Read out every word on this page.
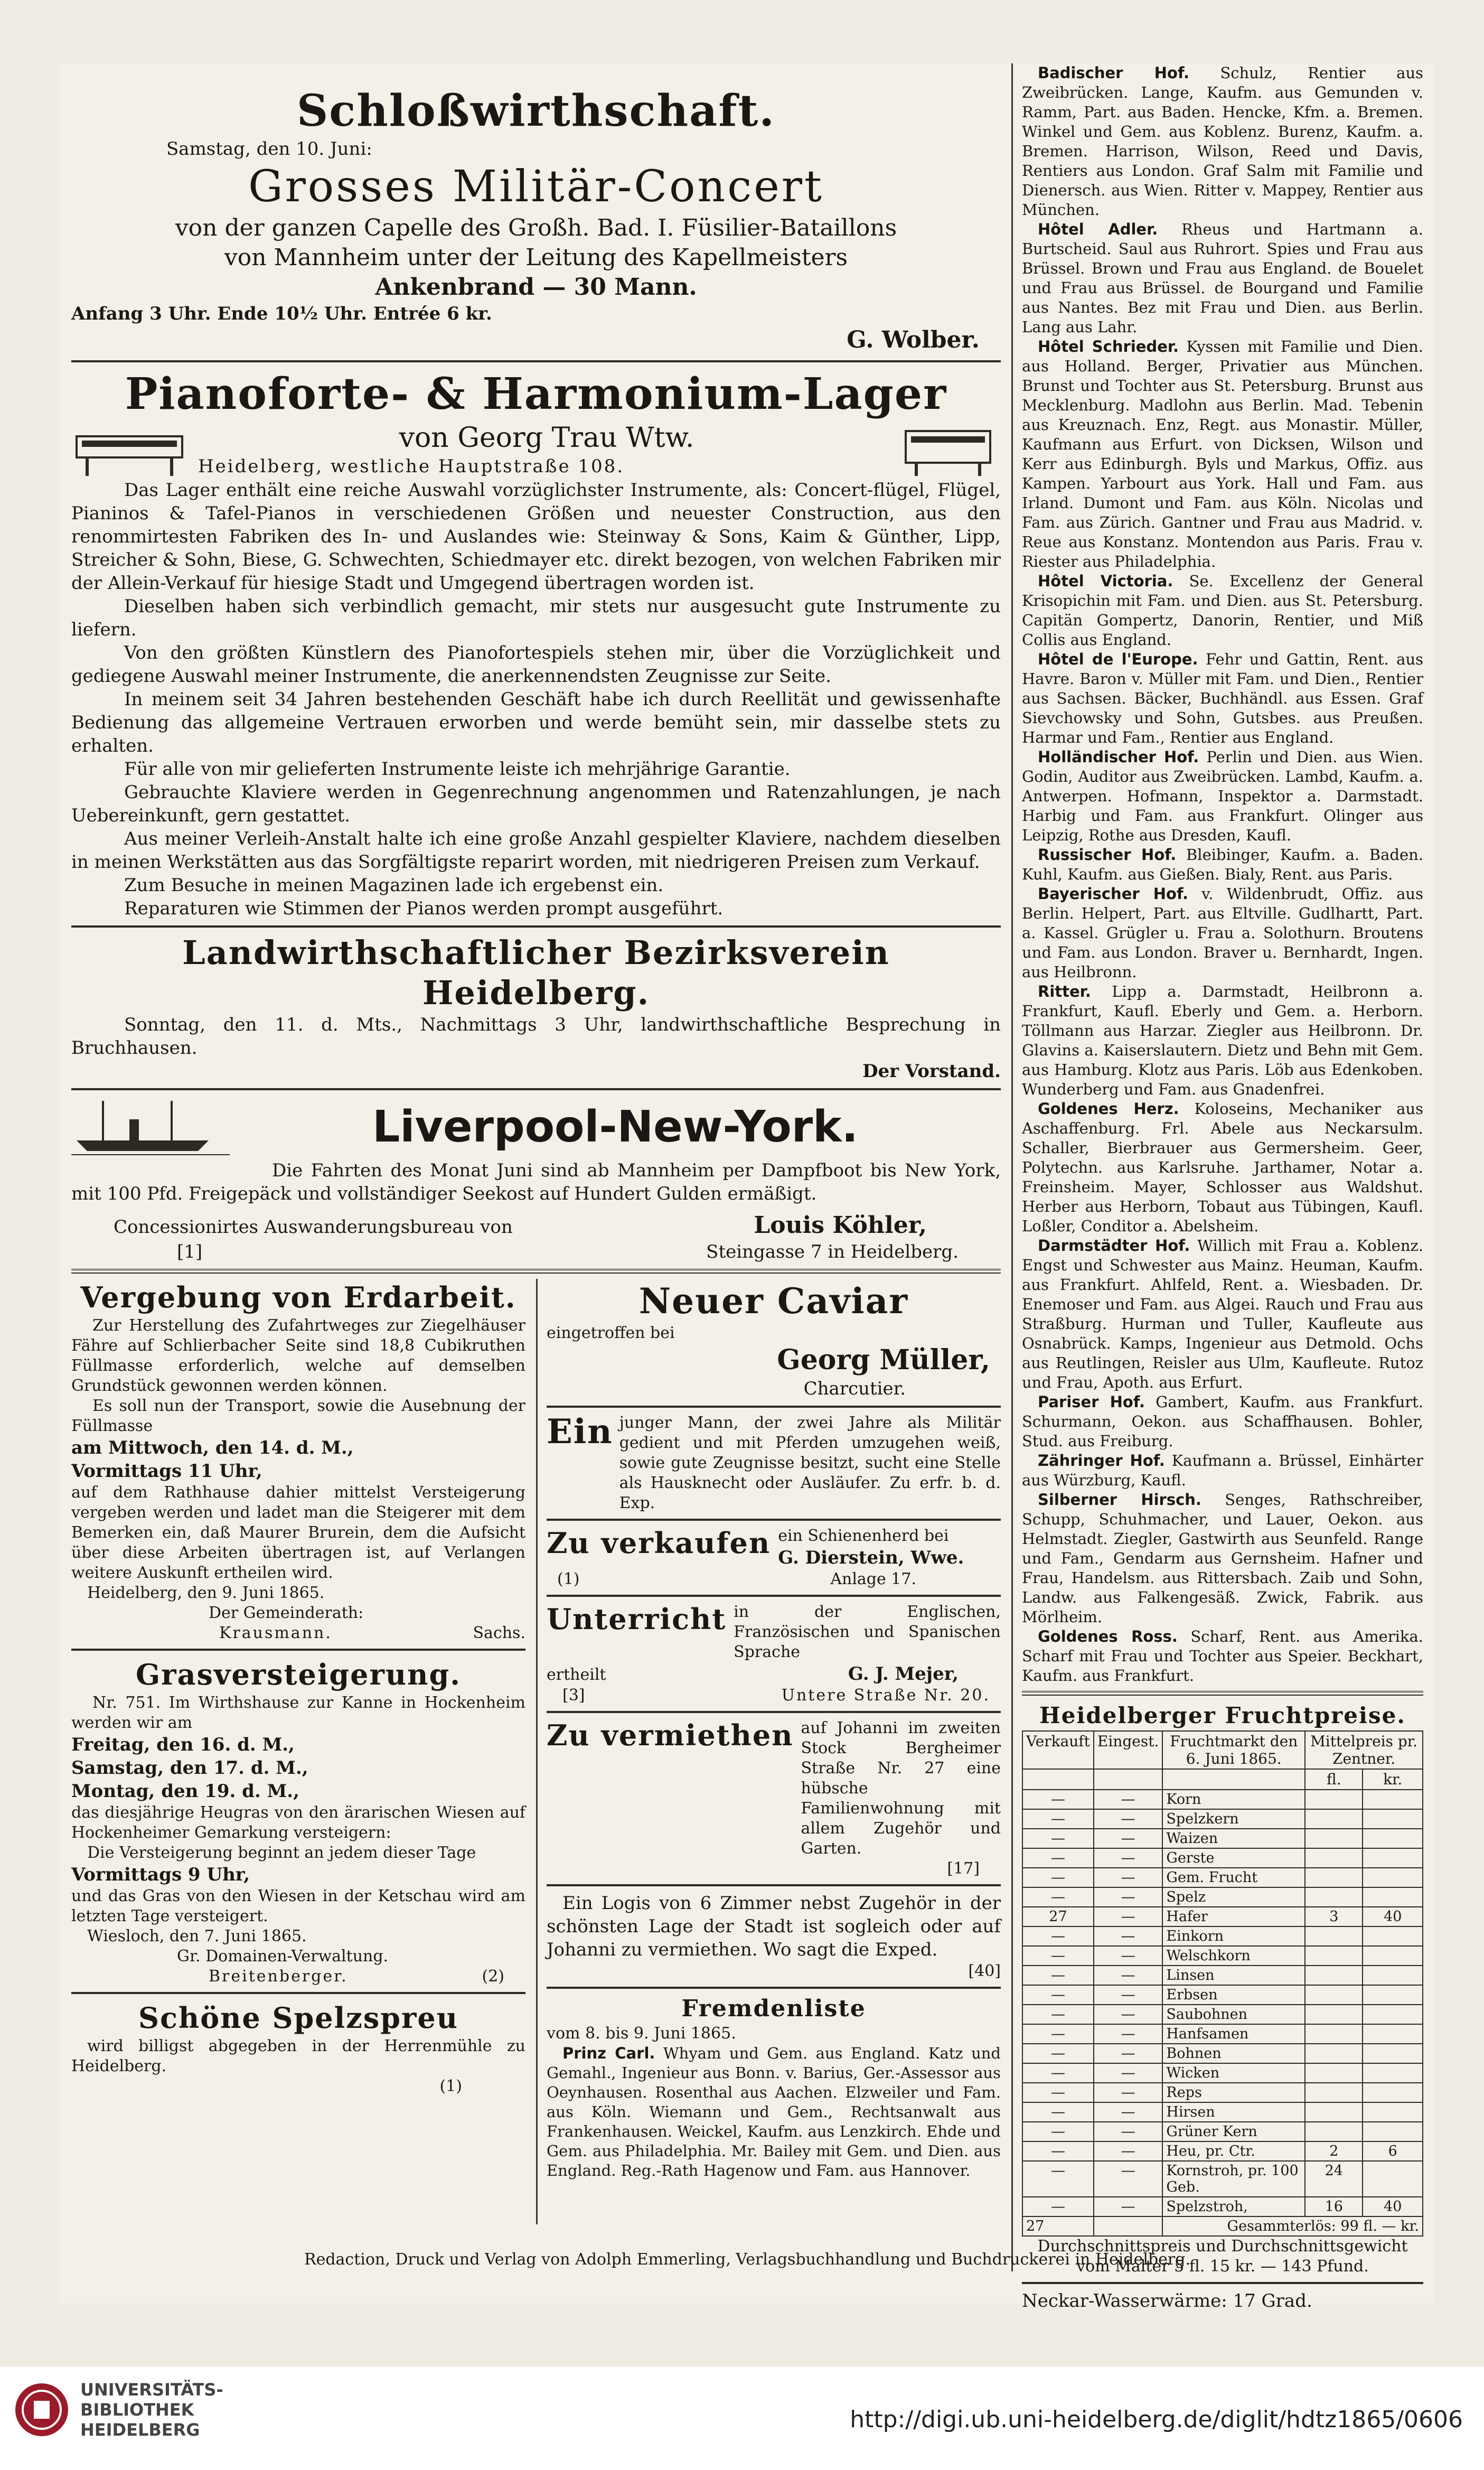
Schloßwirthschaft.
Samstag, den 10. Juni:
Grosses Militär-Concert
von der ganzen Capelle des Großh. Bad. I. Füsilier-Bataillons
von Mannheim unter der Leitung des Kapellmeisters
Ankenbrand — 30 Mann.
Anfang 3 Uhr. Ende 10½ Uhr. Entrée 6 kr.
G. Wolber.
Pianoforte- & Harmonium-Lager
von Georg Trau Wtw.
Heidelberg, westliche Hauptstraße 108.

Das Lager enthält eine reiche Auswahl vorzüglichster Instrumente, als: Concert-flügel, Flügel, Pianinos & Tafel-Pianos in verschiedenen Größen und neuester Construction, aus den renommirtesten Fabriken des In- und Auslandes wie: Steinway & Sons, Kaim & Günther, Lipp, Streicher & Sohn, Biese, G. Schwechten, Schiedmayer etc. direkt bezogen, von welchen Fabriken mir der Allein-Verkauf für hiesige Stadt und Umgegend übertragen worden ist.

Dieselben haben sich verbindlich gemacht, mir stets nur ausgesucht gute Instrumente zu liefern.

Von den größten Künstlern des Pianofortespiels stehen mir, über die Vorzüglichkeit und gediegene Auswahl meiner Instrumente, die anerkennendsten Zeugnisse zur Seite.

In meinem seit 34 Jahren bestehenden Geschäft habe ich durch Reellität und gewissenhafte Bedienung das allgemeine Vertrauen erworben und werde bemüht sein, mir dasselbe stets zu erhalten.

Für alle von mir gelieferten Instrumente leiste ich mehrjährige Garantie.

Gebrauchte Klaviere werden in Gegenrechnung angenommen und Ratenzahlungen, je nach Uebereinkunft, gern gestattet.

Aus meiner Verleih-Anstalt halte ich eine große Anzahl gespielter Klaviere, nachdem dieselben in meinen Werkstätten aus das Sorgfältigste reparirt worden, mit niedrigeren Preisen zum Verkauf.

Zum Besuche in meinen Magazinen lade ich ergebenst ein.

Reparaturen wie Stimmen der Pianos werden prompt ausgeführt.

Landwirthschaftlicher Bezirksverein Heidelberg.

Sonntag, den 11. d. Mts., Nachmittags 3 Uhr, landwirthschaftliche Besprechung in Bruchhausen.

Der Vorstand.
Liverpool-New-York.

Die Fahrten des Monat Juni sind ab Mannheim per Dampfboot bis New York, mit 100 Pfd. Freigepäck und vollständiger Seekost auf Hundert Gulden ermäßigt.

Concessionirtes Auswanderungsbureau von	Louis Köhler,
[1]	Steingasse 7 in Heidelberg.
Vergebung von Erdarbeit.

Zur Herstellung des Zufahrtweges zur Ziegelhäuser Fähre auf Schlierbacher Seite sind 18,8 Cubikruthen Füllmasse erforderlich, welche auf demselben Grundstück gewonnen werden können.

Es soll nun der Transport, sowie die Ausebnung der Füllmasse

am Mittwoch, den 14. d. M.,
Vormittags 11 Uhr,

auf dem Rathhause dahier mittelst Versteigerung vergeben werden und ladet man die Steigerer mit dem Bemerken ein, daß Maurer Brurein, dem die Aufsicht über diese Arbeiten übertragen ist, auf Verlangen weitere Auskunft ertheilen wird.

Heidelberg, den 9. Juni 1865.
Der Gemeinderath:
Krausmann.	Sachs.
Grasversteigerung.

Nr. 751. Im Wirthshause zur Kanne in Hockenheim werden wir am

Freitag, den 16. d. M.,
Samstag, den 17. d. M.,
Montag, den 19. d. M.,

das diesjährige Heugras von den ärarischen Wiesen auf Hockenheimer Gemarkung versteigern:

Die Versteigerung beginnt an jedem dieser Tage

Vormittags 9 Uhr,

und das Gras von den Wiesen in der Ketschau wird am letzten Tage versteigert.

Wiesloch, den 7. Juni 1865.
Gr. Domainen-Verwaltung.
Breitenberger.	(2)
Schöne Spelzspreu

wird billigst abgegeben in der Herrenmühle zu Heidelberg.

(1)
Neuer Caviar
eingetroffen bei
Georg Müller,
Charcutier.
Ein junger Mann, der zwei Jahre als Militär gedient und mit Pferden umzugehen weiß, sowie gute Zeugnisse besitzt, sucht eine Stelle als Hausknecht oder Ausläufer. Zu erfr. b. d. Exp.

Zu verkaufen ein Schienenherd bei
G. Dierstein, Wwe.
(1)	Anlage 17.
Unterricht in der Englischen, Französischen und Spanischen Sprache
ertheilt	G. J. Mejer,
[3]	Untere Straße Nr. 20.
Zu vermiethen auf Johanni im zweiten Stock Bergheimer Straße Nr. 27 eine hübsche Familienwohnung mit allem Zugehör und Garten.

[17]

Ein Logis von 6 Zimmer nebst Zugehör in der schönsten Lage der Stadt ist sogleich oder auf Johanni zu vermiethen. Wo sagt die Exped.

[40]
Fremdenliste
vom 8. bis 9. Juni 1865.

Prinz Carl. Whyam und Gem. aus England. Katz und Gemahl., Ingenieur aus Bonn. v. Barius, Ger.-Assessor aus Oeynhausen. Rosenthal aus Aachen. Elzweiler und Fam. aus Köln. Wiemann und Gem., Rechtsanwalt aus Frankenhausen. Weickel, Kaufm. aus Lenzkirch. Ehde und Gem. aus Philadelphia. Mr. Bailey mit Gem. und Dien. aus England. Reg.-Rath Hagenow und Fam. aus Hannover.

Badischer Hof. Schulz, Rentier aus Zweibrücken. Lange, Kaufm. aus Gemunden v. Ramm, Part. aus Baden. Hencke, Kfm. a. Bremen. Winkel und Gem. aus Koblenz. Burenz, Kaufm. a. Bremen. Harrison, Wilson, Reed und Davis, Rentiers aus London. Graf Salm mit Familie und Dienersch. aus Wien. Ritter v. Mappey, Rentier aus München.

Hôtel Adler. Rheus und Hartmann a. Burtscheid. Saul aus Ruhrort. Spies und Frau aus Brüssel. Brown und Frau aus England. de Bouelet und Frau aus Brüssel. de Bourgand und Familie aus Nantes. Bez mit Frau und Dien. aus Berlin. Lang aus Lahr.

Hôtel Schrieder. Kyssen mit Familie und Dien. aus Holland. Berger, Privatier aus München. Brunst und Tochter aus St. Petersburg. Brunst aus Mecklenburg. Madlohn aus Berlin. Mad. Tebenin aus Kreuznach. Enz, Regt. aus Monastir. Müller, Kaufmann aus Erfurt. von Dicksen, Wilson und Kerr aus Edinburgh. Byls und Markus, Offiz. aus Kampen. Yarbourt aus York. Hall und Fam. aus Irland. Dumont und Fam. aus Köln. Nicolas und Fam. aus Zürich. Gantner und Frau aus Madrid. v. Reue aus Konstanz. Montendon aus Paris. Frau v. Riester aus Philadelphia.

Hôtel Victoria. Se. Excellenz der General Krisopichin mit Fam. und Dien. aus St. Petersburg. Capitän Gompertz, Danorin, Rentier, und Miß Collis aus England.

Hôtel de l'Europe. Fehr und Gattin, Rent. aus Havre. Baron v. Müller mit Fam. und Dien., Rentier aus Sachsen. Bäcker, Buchhändl. aus Essen. Graf Sievchowsky und Sohn, Gutsbes. aus Preußen. Harmar und Fam., Rentier aus England.

Holländischer Hof. Perlin und Dien. aus Wien. Godin, Auditor aus Zweibrücken. Lambd, Kaufm. a. Antwerpen. Hofmann, Inspektor a. Darmstadt. Harbig und Fam. aus Frankfurt. Olinger aus Leipzig, Rothe aus Dresden, Kaufl.

Russischer Hof. Bleibinger, Kaufm. a. Baden. Kuhl, Kaufm. aus Gießen. Bialy, Rent. aus Paris.

Bayerischer Hof. v. Wildenbrudt, Offiz. aus Berlin. Helpert, Part. aus Eltville. Gudlhartt, Part. a. Kassel. Grügler u. Frau a. Solothurn. Broutens und Fam. aus London. Braver u. Bernhardt, Ingen. aus Heilbronn.

Ritter. Lipp a. Darmstadt, Heilbronn a. Frankfurt, Kaufl. Eberly und Gem. a. Herborn. Töllmann aus Harzar. Ziegler aus Heilbronn. Dr. Glavins a. Kaiserslautern. Dietz und Behn mit Gem. aus Hamburg. Klotz aus Paris. Löb aus Edenkoben. Wunderberg und Fam. aus Gnadenfrei.

Goldenes Herz. Koloseins, Mechaniker aus Aschaffenburg. Frl. Abele aus Neckarsulm. Schaller, Bierbrauer aus Germersheim. Geer, Polytechn. aus Karlsruhe. Jarthamer, Notar a. Freinsheim. Mayer, Schlosser aus Waldshut. Herber aus Herborn, Tobaut aus Tübingen, Kaufl. Loßler, Conditor a. Abelsheim.

Darmstädter Hof. Willich mit Frau a. Koblenz. Engst und Schwester aus Mainz. Heuman, Kaufm. aus Frankfurt. Ahlfeld, Rent. a. Wiesbaden. Dr. Enemoser und Fam. aus Algei. Rauch und Frau aus Straßburg. Hurman und Tuller, Kaufleute aus Osnabrück. Kamps, Ingenieur aus Detmold. Ochs aus Reutlingen, Reisler aus Ulm, Kaufleute. Rutoz und Frau, Apoth. aus Erfurt.

Pariser Hof. Gambert, Kaufm. aus Frankfurt. Schurmann, Oekon. aus Schaffhausen. Bohler, Stud. aus Freiburg.

Zähringer Hof. Kaufmann a. Brüssel, Einhärter aus Würzburg, Kaufl.

Silberner Hirsch. Senges, Rathschreiber, Schupp, Schuhmacher, und Lauer, Oekon. aus Helmstadt. Ziegler, Gastwirth aus Seunfeld. Range und Fam., Gendarm aus Gernsheim. Hafner und Frau, Handelsm. aus Rittersbach. Zaib und Sohn, Landw. aus Falkengesäß. Zwick, Fabrik. aus Mörlheim.

Goldenes Ross. Scharf, Rent. aus Amerika. Scharf mit Frau und Tochter aus Speier. Beckhart, Kaufm. aus Frankfurt.

Heidelberger Fruchtpreise.
Verkauft	Eingest.	Fruchtmarkt den 6. Juni 1865.	Mittelpreis pr. Zentner.	
			fl.	kr.
—	—	Korn		
—	—	Spelzkern		
—	—	Waizen		
—	—	Gerste		
—	—	Gem. Frucht		
—	—	Spelz		
27	—	Hafer	3	40
—	—	Einkorn		
—	—	Welschkorn		
—	—	Linsen		
—	—	Erbsen		
—	—	Saubohnen		
—	—	Hanfsamen		
—	—	Bohnen		
—	—	Wicken		
—	—	Reps		
—	—	Hirsen		
—	—	Grüner Kern		
—	—	Heu, pr. Ctr.	2	6
—	—	Kornstroh, pr. 100 Geb.	24	
—	—	Spelzstroh,	16	40
27		Gesammterlös: 99 fl. — kr.		
Durchschnittspreis und Durchschnittsgewicht
vom Malter 5 fl. 15 kr. — 143 Pfund.
Neckar-Wasserwärme: 17 Grad.
Redaction, Druck und Verlag von Adolph Emmerling, Verlagsbuchhandlung und Buchdruckerei in Heidelberg.
UNIVERSITÄTS-
BIBLIOTHEK
HEIDELBERG	http://digi.ub.uni-heidelberg.de/diglit/hdtz1865/0606
